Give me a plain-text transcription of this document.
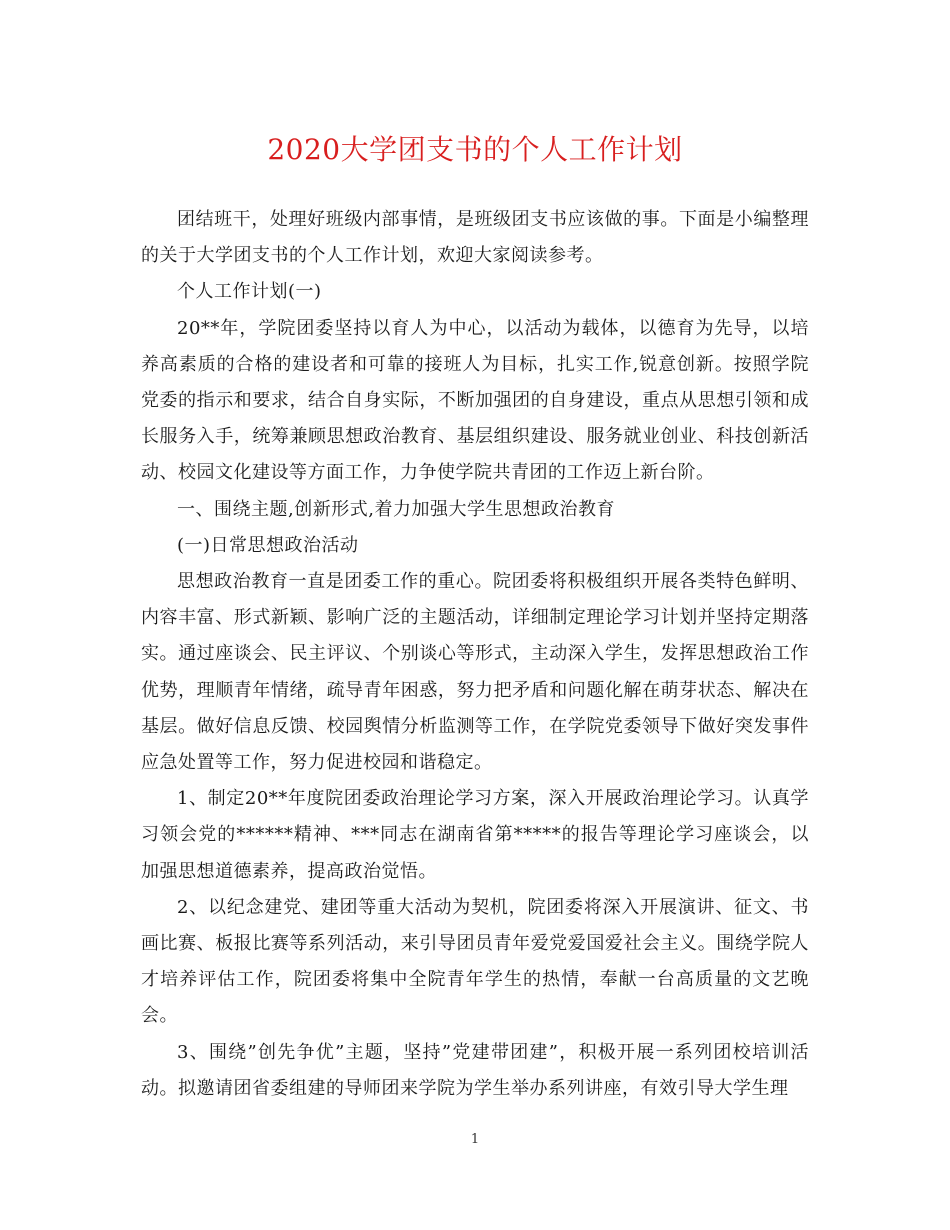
2020大学团支书的个人工作计划

团结班干，处理好班级内部事情，是班级团支书应该做的事。下面是小编整理的关于大学团支书的个人工作计划，欢迎大家阅读参考。

个人工作计划(一)

20**年，学院团委坚持以育人为中心，以活动为载体，以德育为先导，以培养高素质的合格的建设者和可靠的接班人为目标，扎实工作,锐意创新。按照学院党委的指示和要求，结合自身实际，不断加强团的自身建设，重点从思想引领和成长服务入手，统筹兼顾思想政治教育、基层组织建设、服务就业创业、科技创新活动、校园文化建设等方面工作，力争使学院共青团的工作迈上新台阶。

一、围绕主题,创新形式,着力加强大学生思想政治教育

(一)日常思想政治活动

思想政治教育一直是团委工作的重心。院团委将积极组织开展各类特色鲜明、内容丰富、形式新颖、影响广泛的主题活动，详细制定理论学习计划并坚持定期落实。通过座谈会、民主评议、个别谈心等形式，主动深入学生，发挥思想政治工作优势，理顺青年情绪，疏导青年困惑，努力把矛盾和问题化解在萌芽状态、解决在基层。做好信息反馈、校园舆情分析监测等工作，在学院党委领导下做好突发事件应急处置等工作，努力促进校园和谐稳定。

1、制定20**年度院团委政治理论学习方案，深入开展政治理论学习。认真学习领会党的******精神、***同志在湖南省第*****的报告等理论学习座谈会，以加强思想道德素养，提高政治觉悟。

2、以纪念建党、建团等重大活动为契机，院团委将深入开展演讲、征文、书画比赛、板报比赛等系列活动，来引导团员青年爱党爱国爱社会主义。围绕学院人才培养评估工作，院团委将集中全院青年学生的热情，奉献一台高质量的文艺晚会。

3、围绕”创先争优”主题，坚持”党建带团建”，积极开展一系列团校培训活动。拟邀请团省委组建的导师团来学院为学生举办系列讲座，有效引导大学生理

1
